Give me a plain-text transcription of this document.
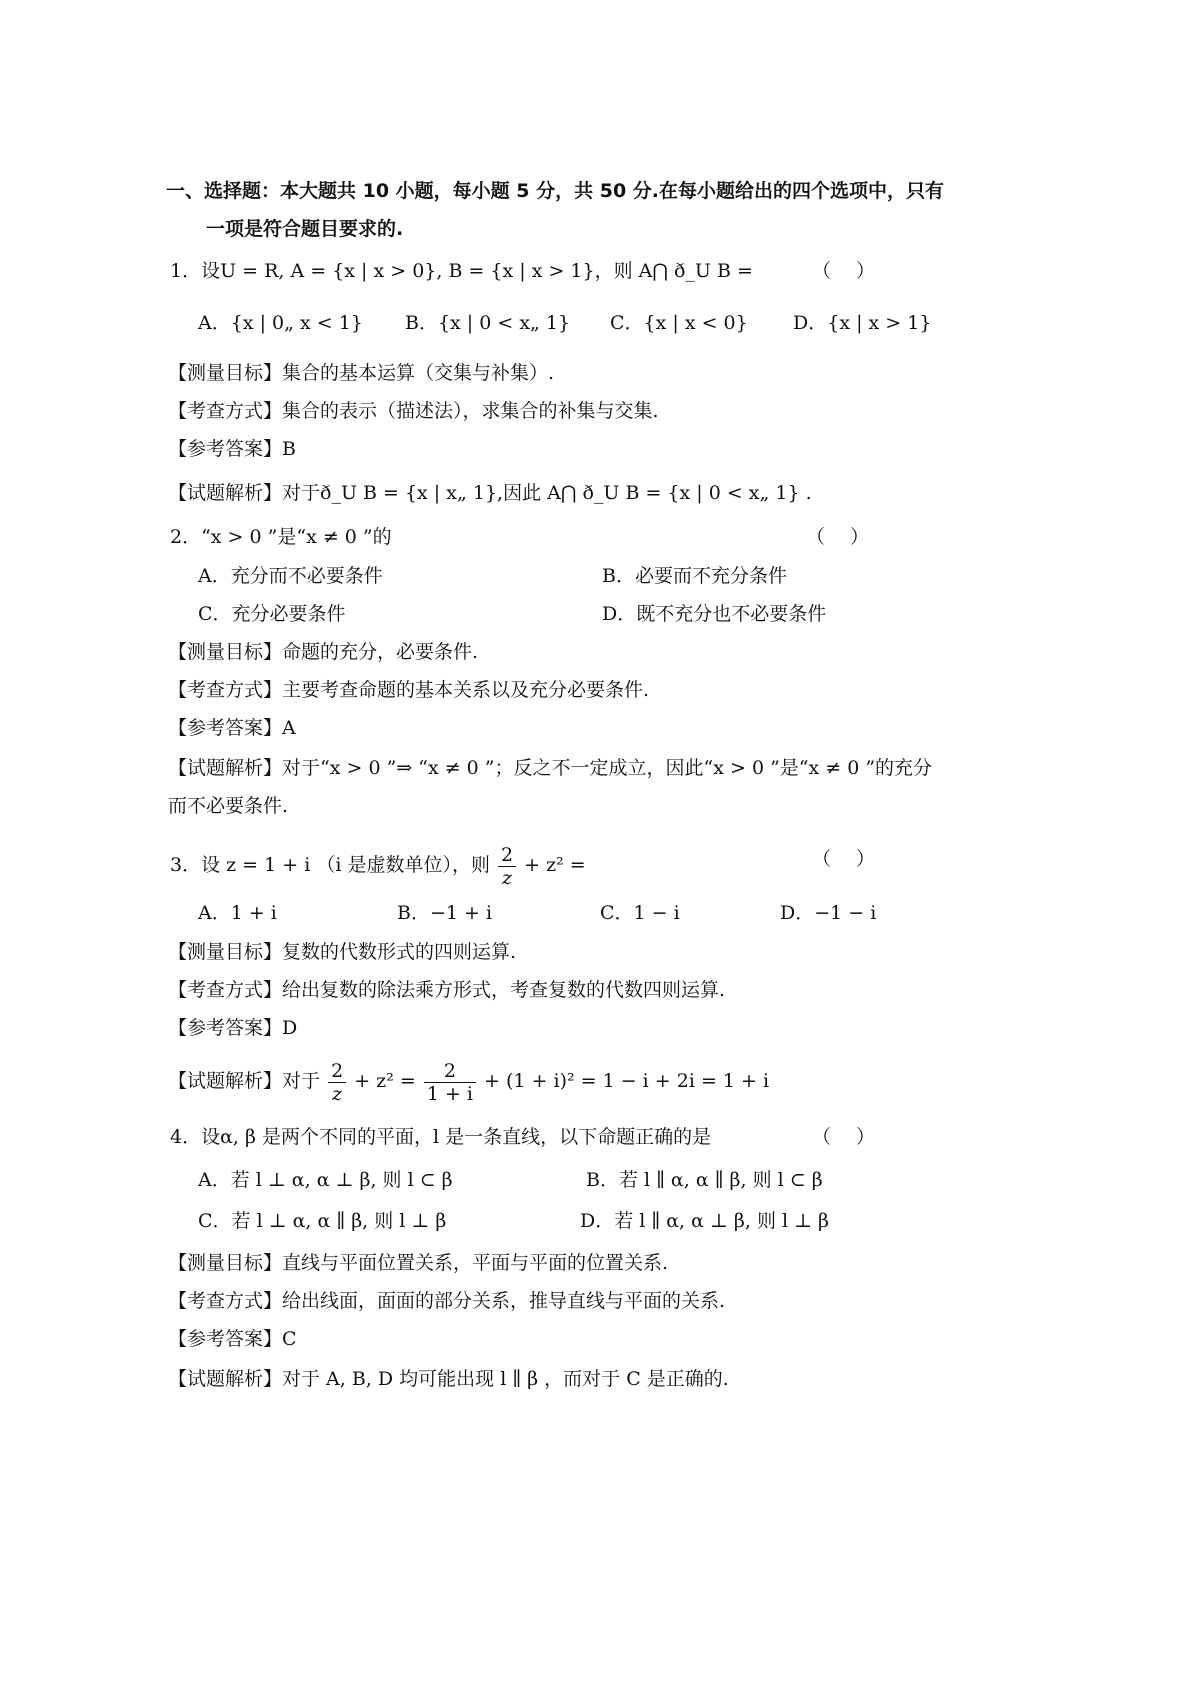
一、选择题：本大题共 10 小题，每小题 5 分，共 50 分.在每小题给出的四个选项中，只有
一项是符合题目要求的.
1．设U = R, A = {x | x > 0}, B = {x | x > 1}，则 A⋂ ð_U B =	（　 ）
A．{x | 0„ x < 1} B．{x | 0 < x„ 1} C．{x | x < 0} D．{x | x > 1}
【测量目标】集合的基本运算（交集与补集）.
【考查方式】集合的表示（描述法），求集合的补集与交集.
【参考答案】B
【试题解析】对于ð_U B = {x | x„ 1},因此 A⋂ ð_U B = {x | 0 < x„ 1} .
2．“x > 0 ”是“x ≠ 0 ”的	（　 ）
A．充分而不必要条件	B．必要而不充分条件
C．充分必要条件	D．既不充分也不必要条件
【测量目标】命题的充分，必要条件.
【考查方式】主要考查命题的基本关系以及充分必要条件.
【参考答案】A
【试题解析】对于“x > 0 ”⇒ “x ≠ 0 ”；反之不一定成立，因此“x > 0 ”是“x ≠ 0 ”的充分
而不必要条件.
3．设 z = 1 + i （i 是虚数单位），则 $\frac{2}{z} + z^2$ =	（　 ）
A．1 + i	B．−1 + i	C．1 − i	D．−1 − i
【测量目标】复数的代数形式的四则运算.
【考查方式】给出复数的除法乘方形式，考查复数的代数四则运算.
【参考答案】D
【试题解析】对于 $\frac{2}{z} + z^2 = \frac{2}{1 + i} + (1 + i)^2 = 1 - i + 2i = 1 + i$
4．设α, β 是两个不同的平面，l 是一条直线，以下命题正确的是	（　 ）
A．若 l ⊥ α, α ⊥ β, 则 l ⊂ β	B．若 l ∥ α, α ∥ β, 则 l ⊂ β
C．若 l ⊥ α, α ∥ β, 则 l ⊥ β	D．若 l ∥ α, α ⊥ β, 则 l ⊥ β
【测量目标】直线与平面位置关系，平面与平面的位置关系.
【考查方式】给出线面，面面的部分关系，推导直线与平面的关系.
【参考答案】C
【试题解析】对于 A, B, D 均可能出现 l ∥ β ，而对于 C 是正确的.
